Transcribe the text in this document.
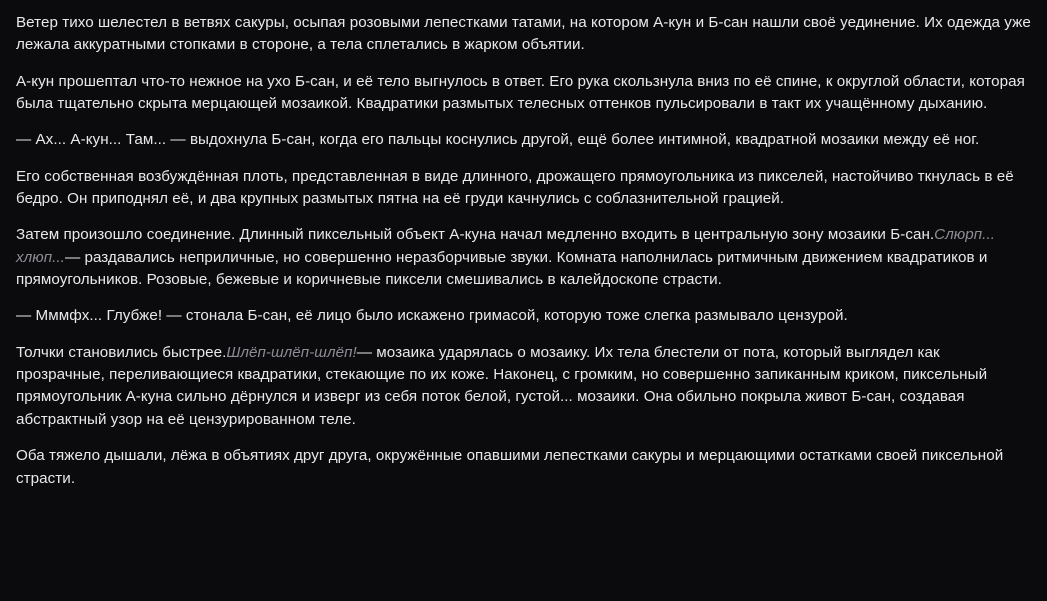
Ветер тихо шелестел в ветвях сакуры, осыпая розовыми лепестками татами, на котором А-кун и Б-сан нашли своё уединение. Их одежда уже лежала аккуратными стопками в стороне, а тела сплетались в жарком объятии.

А-кун прошептал что-то нежное на ухо Б-сан, и её тело выгнулось в ответ. Его рука скользнула вниз по её спине, к округлой области, которая была тщательно скрыта мерцающей мозаикой. Квадратики размытых телесных оттенков пульсировали в такт их учащённому дыханию.

— Ах... А-кун... Там... — выдохнула Б-сан, когда его пальцы коснулись другой, ещё более интимной, квадратной мозаики между её ног.

Его собственная возбуждённая плоть, представленная в виде длинного, дрожащего прямоугольника из пикселей, настойчиво ткнулась в её бедро. Он приподнял её, и два крупных размытых пятна на её груди качнулись с соблазнительной грацией.

Затем произошло соединение. Длинный пиксельный объект А-куна начал медленно входить в центральную зону мозаики Б-сан.Слюрп... хлюп...— раздавались неприличные, но совершенно неразборчивые звуки. Комната наполнилась ритмичным движением квадратиков и прямоугольников. Розовые, бежевые и коричневые пиксели смешивались в калейдоскопе страсти.

— Мммфх... Глубже! — стонала Б-сан, её лицо было искажено гримасой, которую тоже слегка размывало цензурой.

Толчки становились быстрее.Шлёп-шлёп-шлёп!— мозаика ударялась о мозаику. Их тела блестели от пота, который выглядел как прозрачные, переливающиеся квадратики, стекающие по их коже. Наконец, с громким, но совершенно запиканным криком, пиксельный прямоугольник А-куна сильно дёрнулся и изверг из себя поток белой, густой... мозаики. Она обильно покрыла живот Б-сан, создавая абстрактный узор на её цензурированном теле.

Оба тяжело дышали, лёжа в объятиях друг друга, окружённые опавшими лепестками сакуры и мерцающими остатками своей пиксельной страсти.
